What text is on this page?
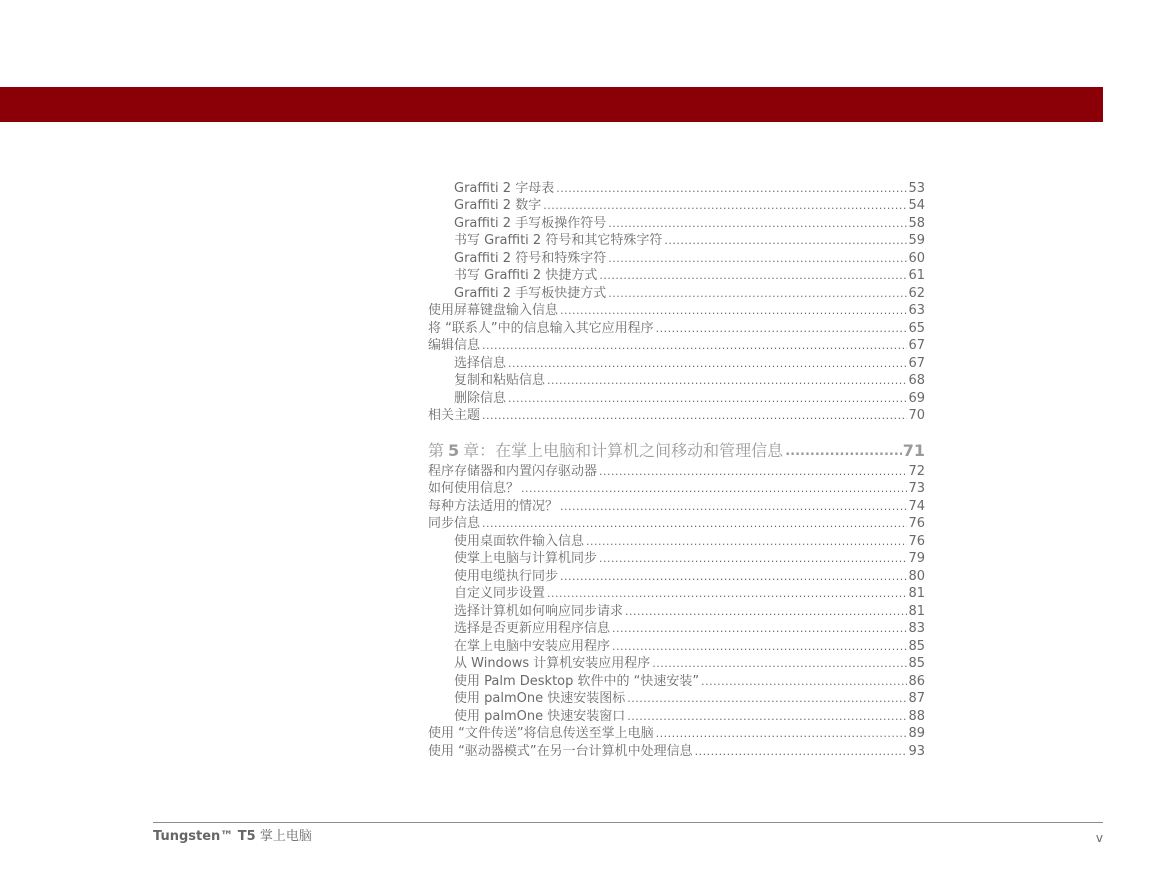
Graffiti 2 字母表 .....	53
Graffiti 2 数字 .....	54
Graffiti 2 手写板操作符号 .....	58
书写 Graffiti 2 符号和其它特殊字符 .....	59
Graffiti 2 符号和特殊字符 .....	60
书写 Graffiti 2 快捷方式 .....	61
Graffiti 2 手写板快捷方式 .....	62
使用屏幕键盘输入信息 .....	63
将 “联系人”中的信息输入其它应用程序 .....	65
编辑信息 .....	67
选择信息 .....	67
复制和粘贴信息 .....	68
删除信息 .....	69
相关主题 .....	70
第 5 章： 在掌上电脑和计算机之间移动和管理信息 .....	71
程序存储器和内置闪存驱动器 .....	72
如何使用信息？ .....	73
每种方法适用的情况？ .....	74
同步信息 .....	76
使用桌面软件输入信息 .....	76
使掌上电脑与计算机同步 .....	79
使用电缆执行同步 .....	80
自定义同步设置 .....	81
选择计算机如何响应同步请求 .....	81
选择是否更新应用程序信息 .....	83
在掌上电脑中安装应用程序 .....	85
从 Windows 计算机安装应用程序 .....	85
使用 Palm Desktop 软件中的 “快速安装” .....	86
使用 palmOne 快速安装图标 .....	87
使用 palmOne 快速安装窗口 .....	88
使用 “文件传送”将信息传送至掌上电脑 .....	89
使用 “驱动器模式”在另一台计算机中处理信息 .....	93
Tungsten™ T5 掌上电脑	v
